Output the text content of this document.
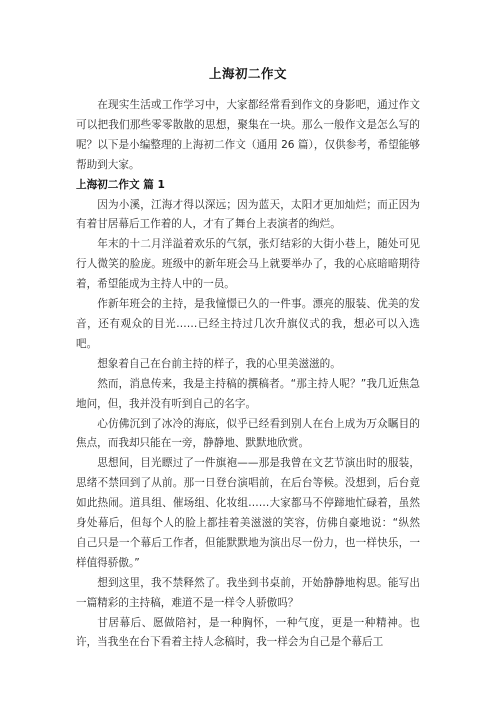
上海初二作文

在现实生活或工作学习中，大家都经常看到作文的身影吧，通过作文可以把我们那些零零散散的思想，聚集在一块。那么一般作文是怎么写的呢？以下是小编整理的上海初二作文（通用 26 篇），仅供参考，希望能够帮助到大家。

上海初二作文 篇 1

因为小溪，江海才得以深远；因为蓝天，太阳才更加灿烂；而正因为有着甘居幕后工作着的人，才有了舞台上表演者的绚烂。

年末的十二月洋溢着欢乐的气氛，张灯结彩的大街小巷上，随处可见行人微笑的脸庞。班级中的新年班会马上就要举办了，我的心底暗暗期待着，希望能成为主持人中的一员。

作新年班会的主持，是我憧憬已久的一件事。漂亮的服装、优美的发音，还有观众的目光……已经主持过几次升旗仪式的我，想必可以入选吧。

想象着自己在台前主持的样子，我的心里美滋滋的。

然而，消息传来，我是主持稿的撰稿者。“那主持人呢？”我几近焦急地问，但，我并没有听到自己的名字。

心仿佛沉到了冰冷的海底，似乎已经看到别人在台上成为万众瞩目的焦点，而我却只能在一旁，静静地、默默地欣赏。

思想间，目光瞟过了一件旗袍——那是我曾在文艺节演出时的服装，思绪不禁回到了从前。那一日登台演唱前，在后台等候。没想到，后台竟如此热闹。道具组、催场组、化妆组……大家都马不停蹄地忙碌着，虽然身处幕后，但每个人的脸上都挂着美滋滋的笑容，仿佛自豪地说：“纵然自己只是一个幕后工作者，但能默默地为演出尽一份力，也一样快乐，一样值得骄傲。”

想到这里，我不禁释然了。我坐到书桌前，开始静静地构思。能写出一篇精彩的主持稿，难道不是一样令人骄傲吗？

甘居幕后、愿做陪衬，是一种胸怀，一种气度，更是一种精神。也许，当我坐在台下看着主持人念稿时，我一样会为自己是个幕后工
